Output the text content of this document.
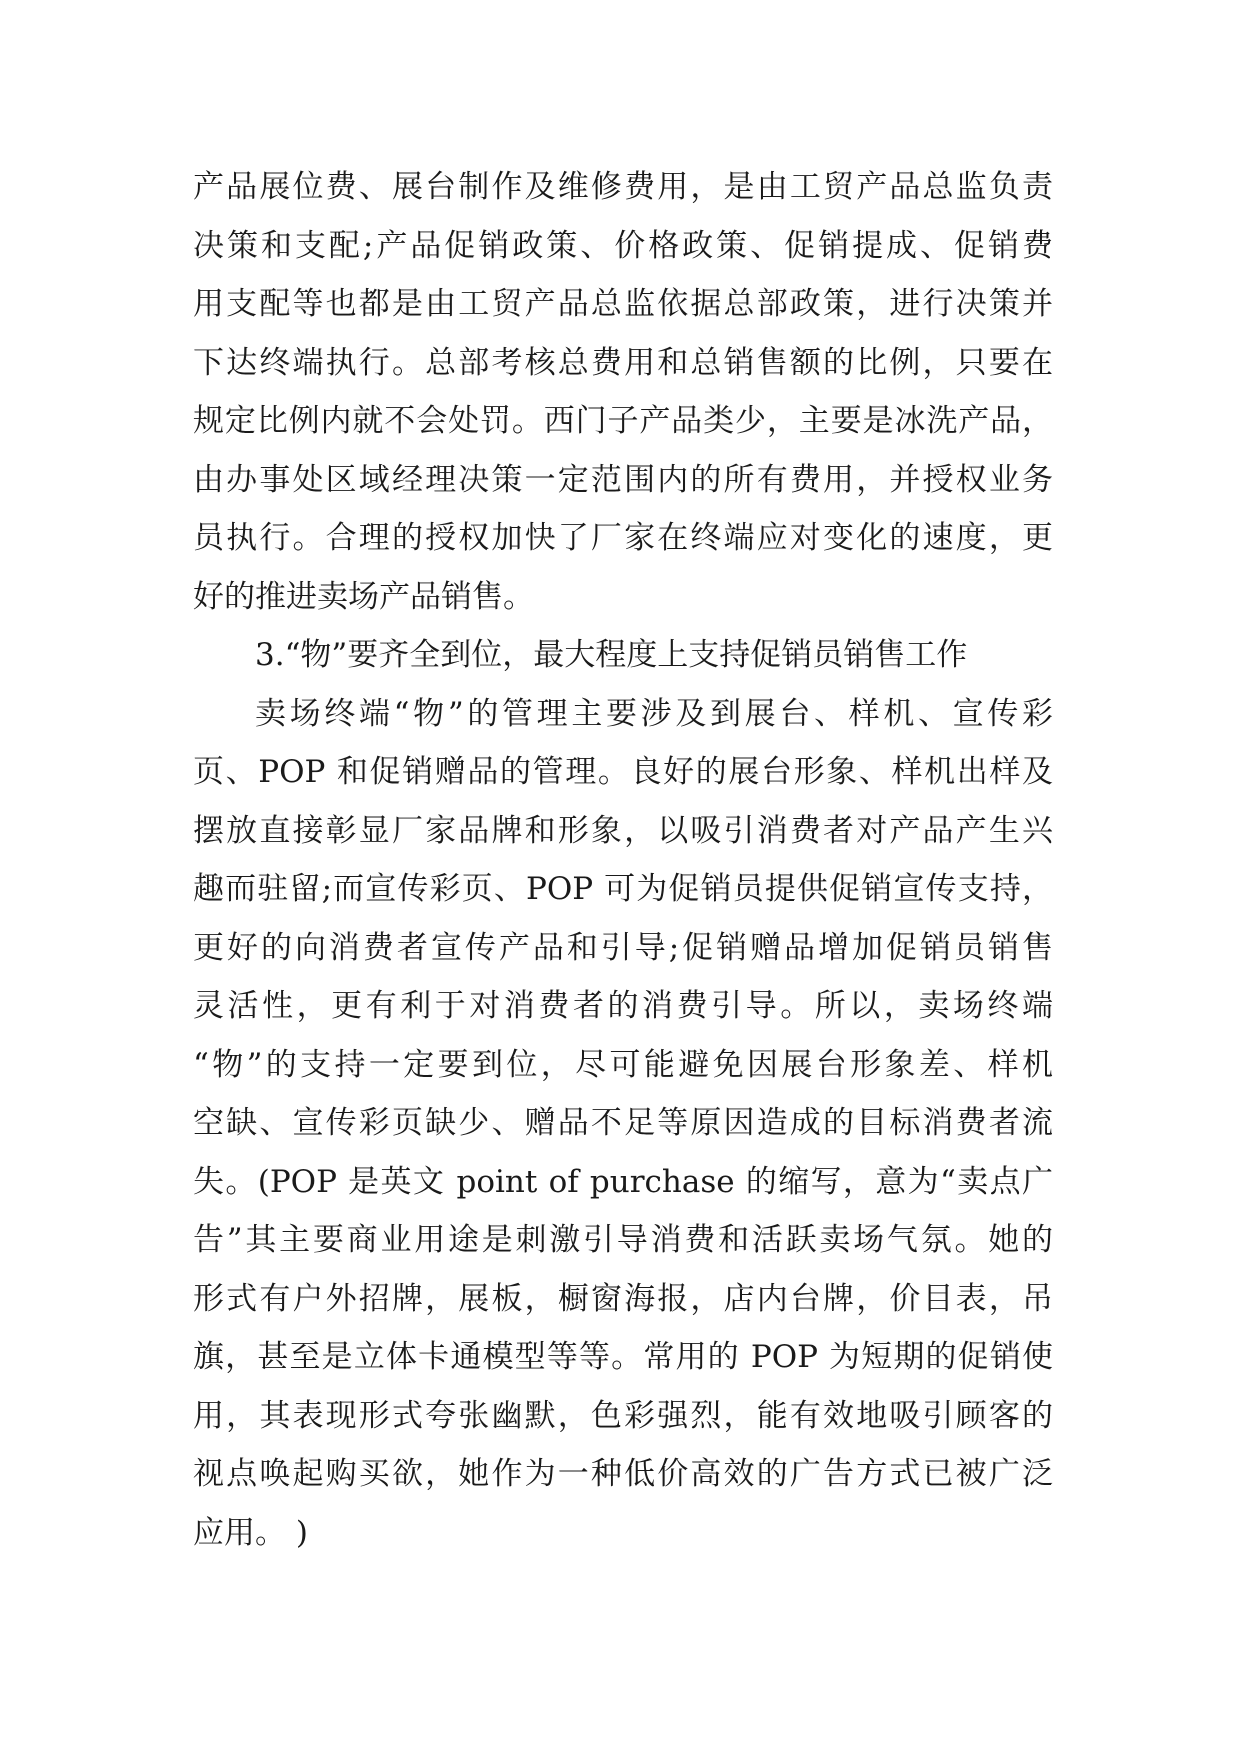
产品展位费、展台制作及维修费用，是由工贸产品总监负责
决策和支配;产品促销政策、价格政策、促销提成、促销费
用支配等也都是由工贸产品总监依据总部政策，进行决策并
下达终端执行。总部考核总费用和总销售额的比例，只要在
规定比例内就不会处罚。西门子产品类少，主要是冰洗产品，
由办事处区域经理决策一定范围内的所有费用，并授权业务
员执行。合理的授权加快了厂家在终端应对变化的速度，更
好的推进卖场产品销售。
3.“物”要齐全到位，最大程度上支持促销员销售工作
卖场终端“物”的管理主要涉及到展台、样机、宣传彩
页、POP 和促销赠品的管理。良好的展台形象、样机出样及
摆放直接彰显厂家品牌和形象，以吸引消费者对产品产生兴
趣而驻留;而宣传彩页、POP 可为促销员提供促销宣传支持，
更好的向消费者宣传产品和引导;促销赠品增加促销员销售
灵活性，更有利于对消费者的消费引导。所以，卖场终端
“物”的支持一定要到位，尽可能避免因展台形象差、样机
空缺、宣传彩页缺少、赠品不足等原因造成的目标消费者流
失。(POP 是英文 point of purchase 的缩写，意为“卖点广
告”其主要商业用途是刺激引导消费和活跃卖场气氛。她的
形式有户外招牌，展板，橱窗海报，店内台牌，价目表，吊
旗，甚至是立体卡通模型等等。常用的 POP 为短期的促销使
用，其表现形式夸张幽默，色彩强烈，能有效地吸引顾客的
视点唤起购买欲，她作为一种低价高效的广告方式已被广泛
应用。 )
